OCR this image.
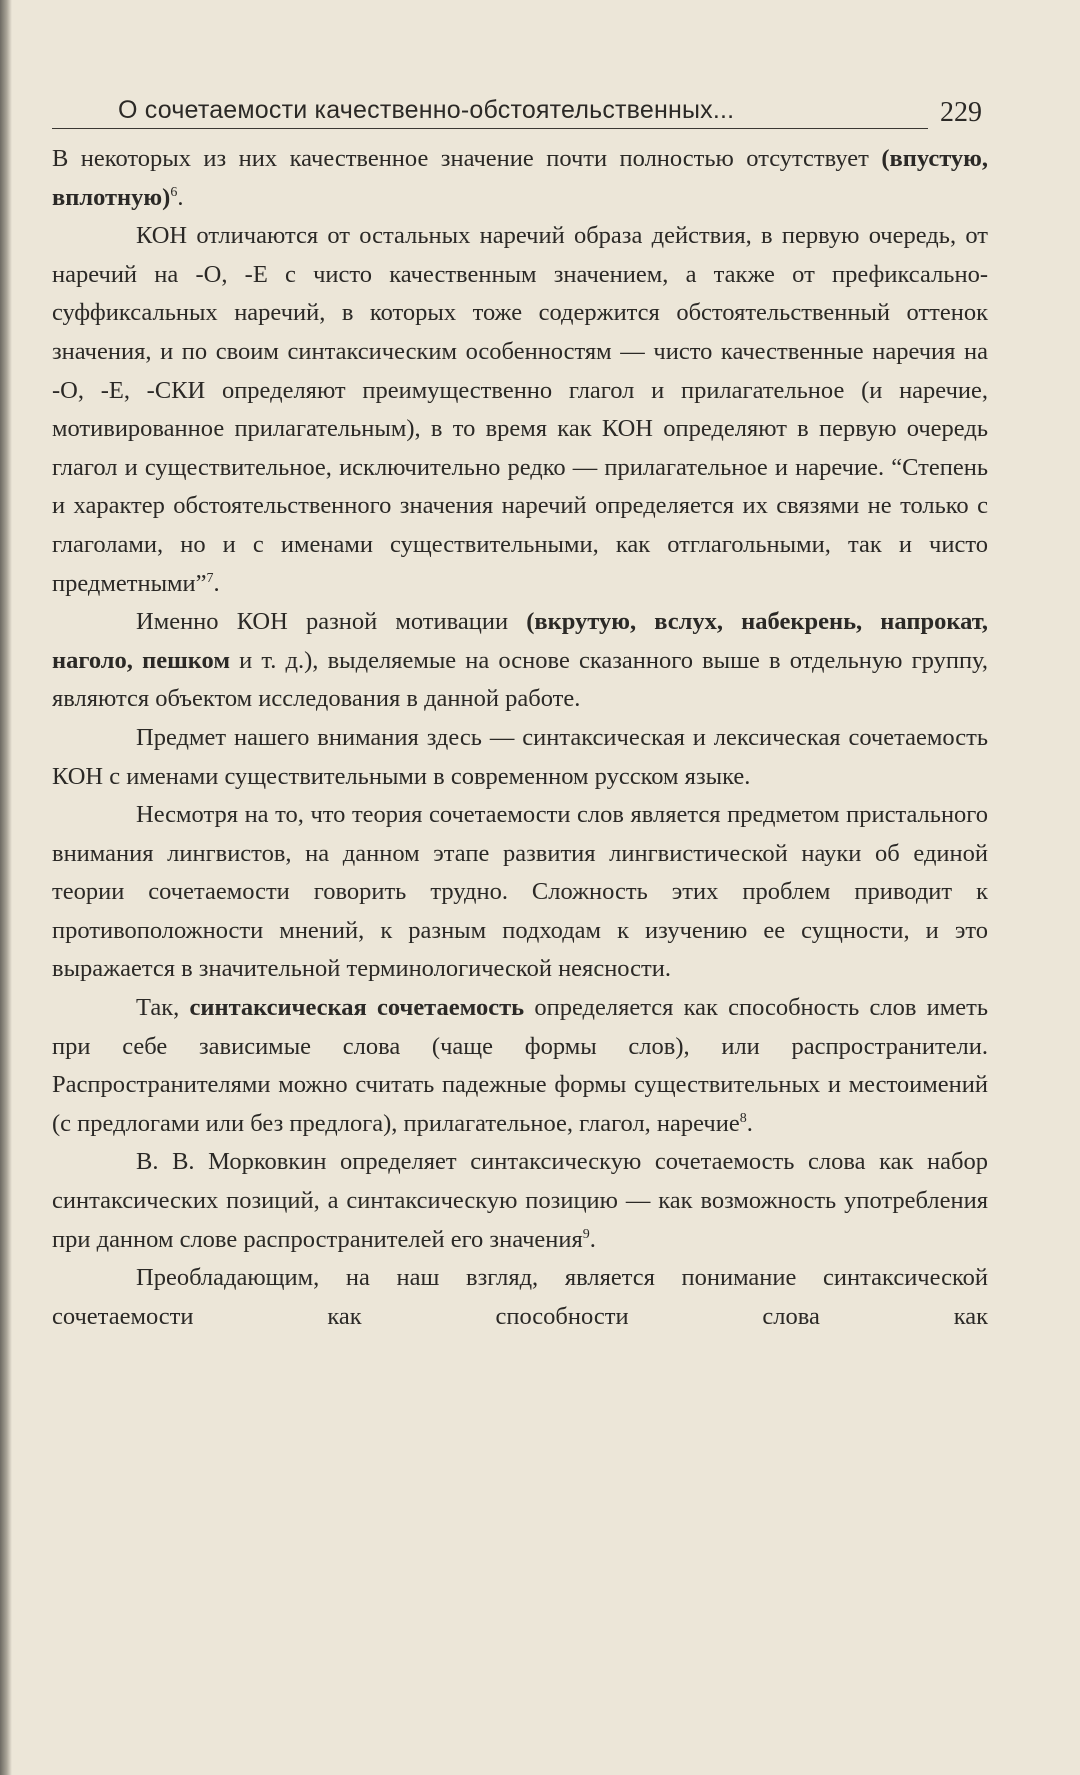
О сочетаемости качественно-обстоятельственных...	229

В некоторых из них качественное значение почти полностью отсутствует (впустую, вплотную)$^6$.

КОН отличаются от остальных наречий образа действия, в первую очередь, от наречий на -О, -Е с чисто качественным значением, а также от префиксально-суффиксальных наречий, в которых тоже содержится обстоятельственный оттенок значения, и по своим синтаксическим особенностям — чисто качественные наречия на -О, -Е, -СКИ определяют преимущественно глагол и прилагательное (и наречие, мотивированное прилагательным), в то время как КОН определяют в первую очередь глагол и существительное, исключительно редко — прилагательное и наречие. “Степень и характер обстоятельственного значения наречий определяется их связями не только с глаголами, но и с именами существительными, как отглагольными, так и чисто предметными”$^7$.

Именно КОН разной мотивации (вкрутую, вслух, набекрень, напрокат, наголо, пешком и т. д.), выделяемые на основе сказанного выше в отдельную группу, являются объектом исследования в данной работе.

Предмет нашего внимания здесь — синтаксическая и лексическая сочетаемость КОН с именами существительными в современном русском языке.

Несмотря на то, что теория сочетаемости слов является предметом пристального внимания лингвистов, на данном этапе развития лингвистической науки об единой теории сочетаемости говорить трудно. Сложность этих проблем приводит к противоположности мнений, к разным подходам к изучению ее сущности, и это выражается в значительной терминологической неясности.

Так, синтаксическая сочетаемость определяется как способность слов иметь при себе зависимые слова (чаще формы слов), или распространители. Распространителями можно считать падежные формы существительных и местоимений (с предлогами или без предлога), прилагательное, глагол, наречие$^8$.

В. В. Морковкин определяет синтаксическую сочетаемость слова как набор синтаксических позиций, а синтаксическую позицию — как возможность употребления при данном слове распространителей его значения$^9$.

Преобладающим, на наш взгляд, является понимание синтаксической сочетаемости как способности слова как
